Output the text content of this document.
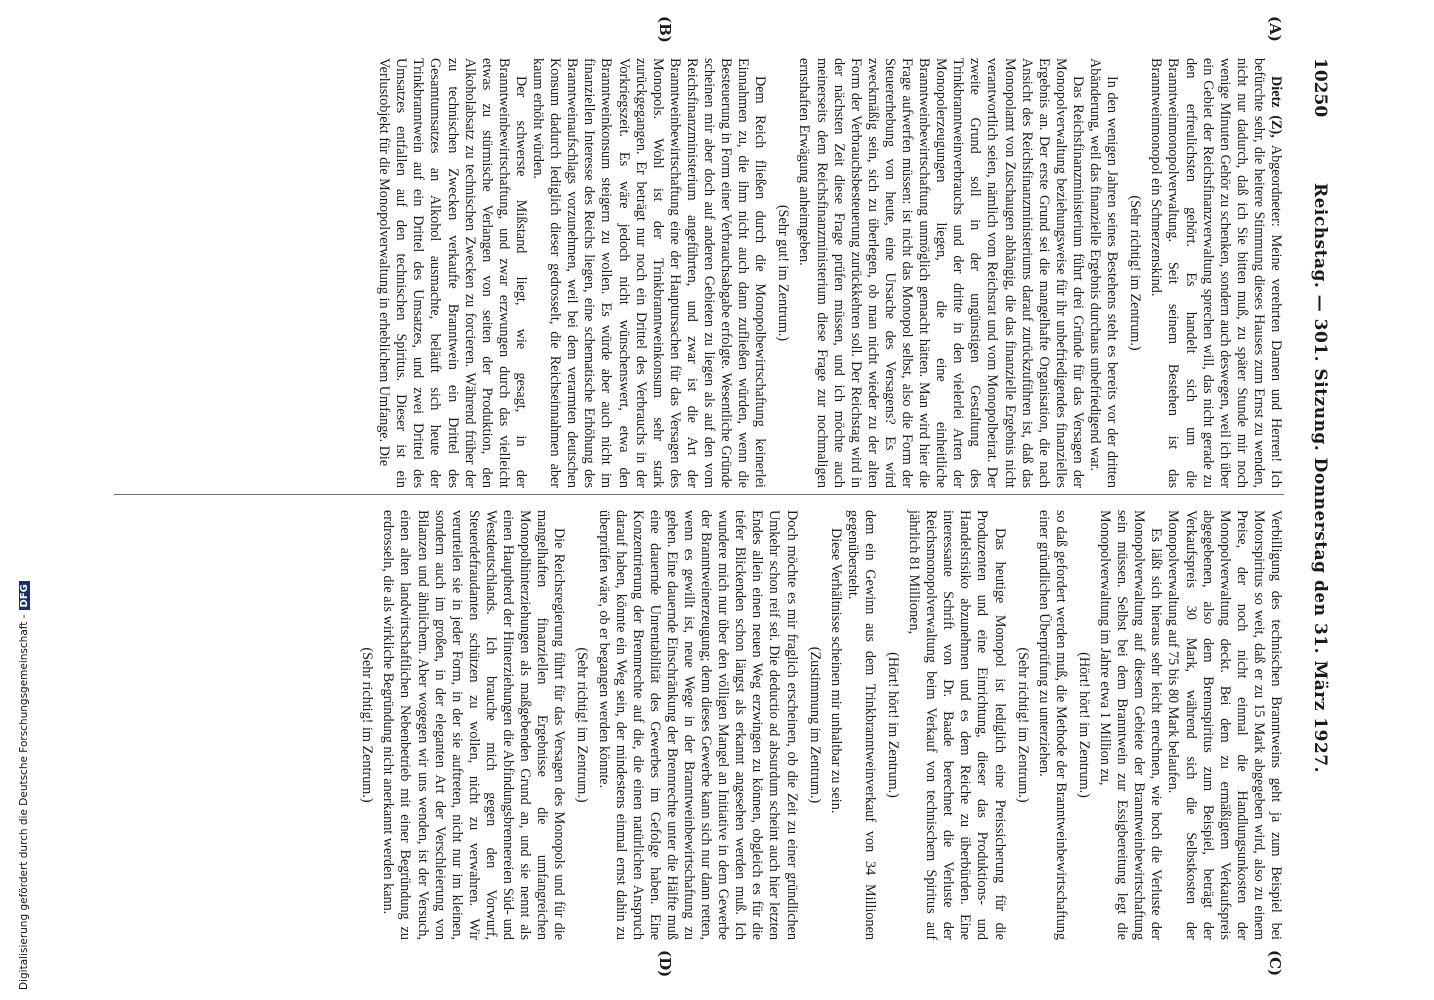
10250
Reichstag. — 301. Sitzung. Donnerstag den 31. März 1927.
(A)
(B)
(C)
(D)

Dietz (Z), Abgeordneter: Meine verehrten Damen und Herren! Ich befürchte sehr, die heitere Stimmung dieses Hauses zum Ernst zu wenden, nicht nur dadurch, daß ich Sie bitten muß, zu später Stunde mir noch wenige Minuten Gehör zu schenken, sondern auch deswegen, weil ich über ein Gebiet der Reichsfinanzverwaltung sprechen will, das nicht gerade zu den erfreulichsten gehört. Es handelt sich um die Branntweinmonopolverwaltung. Seit seinem Bestehen ist das Branntweinmonopol ein Schmerzenskind.

(Sehr richtig! im Zentrum.)

In den wenigen Jahren seines Bestehens steht es bereits vor der dritten Abänderung, weil das finanzielle Ergebnis durchaus unbefriedigend war.

Das Reichsfinanzministerium führt drei Gründe für das Versagen der Monopolverwaltung beziehungsweise für ihr unbefriedigendes finanzielles Ergebnis an. Der erste Grund sei die mangelhafte Organisation, die nach Ansicht des Reichsfinanzministeriums darauf zurückzuführen ist, daß das Monopolamt von Zuschaugen abhängig, die das finanzielle Ergebnis nicht verantwortlich seien, nämlich vom Reichsrat und vom Monopolbeirat. Der zweite Grund soll in der ungünstigen Gestaltung des Trinkbranntweinverbrauchs und der dritte in den vielerlei Arten der Monopolerzeugungen liegen, die eine einheitliche Branntweinbewirtschaftung unmöglich gemacht hätten. Man wird hier die Frage aufwerfen müssen: ist nicht das Monopol selbst, also die Form der Steuererhebung von heute, eine Ursache des Versagens? Es wird zweckmäßig sein, sich zu überlegen, ob man nicht wieder zu der alten Form der Verbrauchsbesteuerung zurückkehren soll. Der Reichstag wird in der nächsten Zeit diese Frage prüfen müssen, und ich möchte auch meinerseits dem Reichsfinanzministerium diese Frage zur nochmaligen ernsthaften Erwägung anheimgeben.

(Sehr gut! im Zentrum.)

Dem Reich fließen durch die Monopolbewirtschaftung keinerlei Einnahmen zu, die ihm nicht auch dann zufließen würden, wenn die Besteuerung in Form einer Verbrauchsabgabe erfolgte. Wesentliche Gründe scheinen mir aber doch auf anderen Gebieten zu liegen als auf den vom Reichsfinanzministerium angeführten, und zwar ist die Art der Branntweinbewirtschaftung eine der Hauptursachen für das Versagen des Monopols. Wohl ist der Trinkbranntweinkonsum sehr stark zurückgegangen. Er beträgt nur noch ein Drittel des Verbrauchs in der Vorkriegszeit. Es wäre jedoch nicht wünschenswert, etwa den Branntweinkonsum steigern zu wollen. Es würde aber auch nicht im finanziellen Interesse des Reichs liegen, eine schematische Erhöhung des Branntweinaufschlags vorzunehmen, weil bei dem verarmten deutschen Konsum dadurch lediglich dieser gedrosselt, die Reichseinnahmen aber kaum erhöht würden.

Der schwerste Mißstand liegt, wie gesagt, in der Branntweinbewirtschaftung, und zwar erzwungen durch das vielleicht etwas zu stürmische Verlangen von seiten der Produktion, den Alkoholabsatz zu technischen Zwecken zu forcieren. Während früher der zu technischen Zwecken verkaufte Branntwein ein Drittel des Gesamtumsatzes an Alkohol ausmachte, beläuft sich heute der Trinkbranntwein auf ein Drittel des Umsatzes, und zwei Drittel des Umsatzes entfallen auf den technischen Spiritus. Dieser ist ein Verlustobjekt für die Monopolverwaltung in erheblichem Umfange. Die

Verbilligung des technischen Branntweins geht ja zum Beispiel bei Motorspiritus so weit, daß er zu 15 Mark abgegeben wird, also zu einem Preise, der noch nicht einmal die Handlungsunkosten der Monopolverwaltung deckt. Bei dem zu ermäßigtem Verkaufspreis abgegebenen, also dem Brennspiritus zum Beispiel, beträgt der Verkaufspreis 30 Mark, während sich die Selbstkosten der Monopolverwaltung auf 75 bis 80 Mark belaufen.

Es läßt sich hieraus sehr leicht errechnen, wie hoch die Verluste der Monopolverwaltung auf diesem Gebiete der Branntweinbewirtschaftung sein müssen. Selbst bei dem Branntwein zur Essigbereitung legt die Monopolverwaltung im Jahre etwa 1 Million zu,

(Hört! hört! im Zentrum.)

so daß gefordert werden muß, die Methode der Branntweinbewirtschaftung einer gründlichen Überprüfung zu unterziehen.

(Sehr richtig! im Zentrum.)

Das heutige Monopol ist lediglich eine Preissicherung für die Produzenten und eine Einrichtung, dieser das Produktions- und Handelsrisiko abzunehmen und es dem Reiche zu überbürden. Eine interessante Schrift von Dr. Baade berechnet die Verluste der Reichsmonopolverwaltung beim Verkauf von technischem Spiritus auf jährlich 81 Millionen,

(Hört! hört! im Zentrum.)

dem ein Gewinn aus dem Trinkbranntweinverkauf von 34 Millionen gegenübersteht.

Diese Verhältnisse scheinen mir unhaltbar zu sein.

(Zustimmung im Zentrum.)

Doch möchte es mir fraglich erscheinen, ob die Zeit zu einer gründlichen Umkehr schon reif sei. Die deductio ad absurdum scheint auch hier letzten Endes allein einen neuen Weg erzwingen zu können, obgleich es für die tiefer Blickenden schon längst als erkannt angesehen werden muß. Ich wundere mich nur über den völligen Mangel an Initiative in dem Gewerbe der Branntweinerzeugung; denn dieses Gewerbe kann sich nur dann retten, wenn es gewillt ist, neue Wege in der Branntweinbewirtschaftung zu gehen. Eine dauernde Einschränkung der Brennrechte unter die Hälfte muß eine dauernde Unrentabilität des Gewerbes im Gefolge haben. Eine Konzentrierung der Brennrechte auf die, die einen natürlichen Anspruch darauf haben, könnte ein Weg sein, der mindestens einmal ernst dahin zu überprüfen wäre, ob er begangen werden könnte.

(Sehr richtig! im Zentrum.)

Die Reichsregierung führt für das Versagen des Monopols und für die mangelhaften finanziellen Ergebnisse die umfangreichen Monopolhinterziehungen als maßgebenden Grund an, und sie nennt als einen Hauptherd der Hinterziehungen die Abfindungsbrennereien Süd- und Westdeutschlands. Ich brauche mich gegen den Vorwurf, Steuerdefraudanten schützen zu wollen, nicht zu verwahren. Wir verurteilen sie in jeder Form, in der sie auftreten, nicht nur im kleinen, sondern auch im großen, in der eleganten Art der Verschleierung von Bilanzen und ähnlichem. Aber wogegen wir uns wenden, ist der Versuch, einen alten landwirtschaftlichen Nebenbetrieb mit einer Begründung zu erdrosseln, die als wirkliche Begründung nicht anerkannt werden kann.

(Sehr richtig! im Zentrum.)

Digitalisierung gefördert durch die Deutsche Forschungsgemeinschaft -DFG
